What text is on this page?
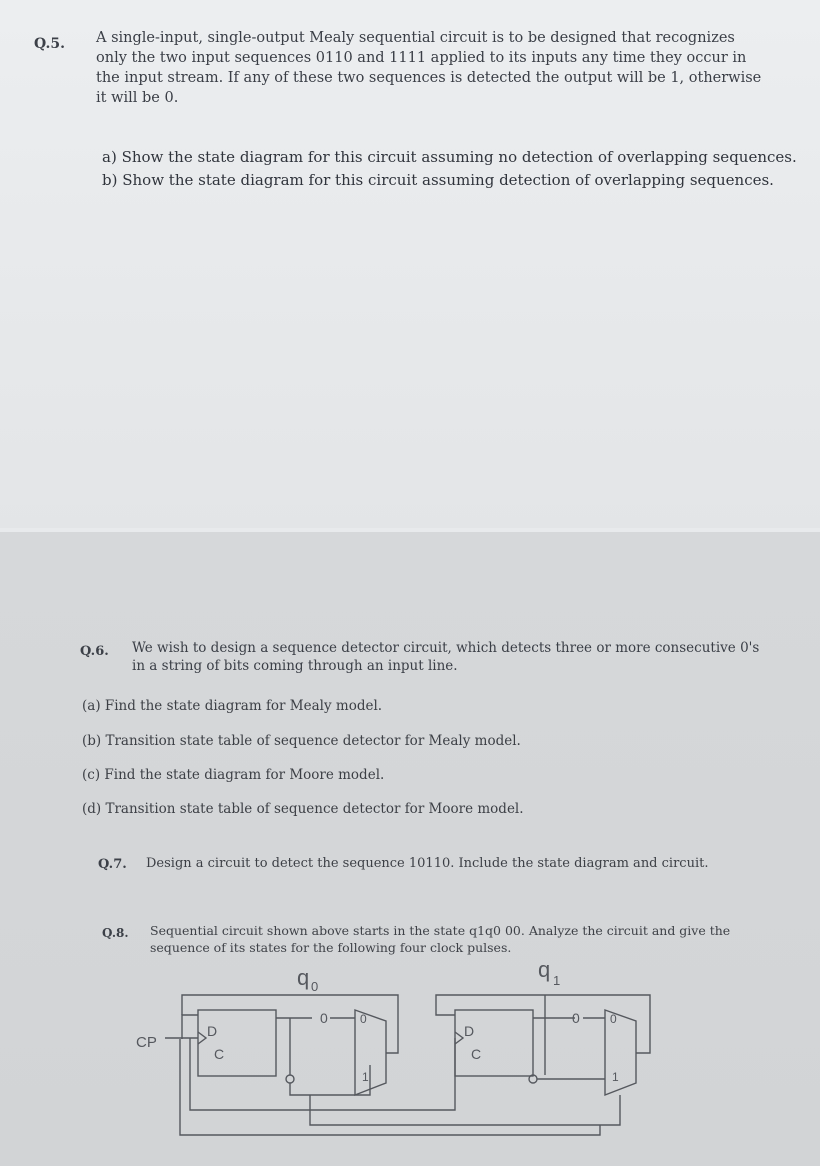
Q.5. A single-input, single-output Mealy sequential circuit is to be designed that recognizes
only the two input sequences 0110 and 1111 applied to its inputs any time they occur in
the input stream. If any of these two sequences is detected the output will be 1, otherwise
it will be 0.
a) Show the state diagram for this circuit assuming no detection of overlapping sequences.
b) Show the state diagram for this circuit assuming detection of overlapping sequences.
Q.6. We wish to design a sequence detector circuit, which detects three or more consecutive 0's
in a string of bits coming through an input line.
(a) Find the state diagram for Mealy model.
(b) Transition state table of sequence detector for Mealy model.
(c) Find the state diagram for Moore model.
(d) Transition state table of sequence detector for Moore model.
Q.7. Design a circuit to detect the sequence 10110. Include the state diagram and circuit.
Q.8. Sequential circuit shown above starts in the state q1q0 00. Analyze the circuit and give the
sequence of its states for the following four clock pulses.
q 0
q 1
CP
D
C
D
C
0	0
1
0	0
1
